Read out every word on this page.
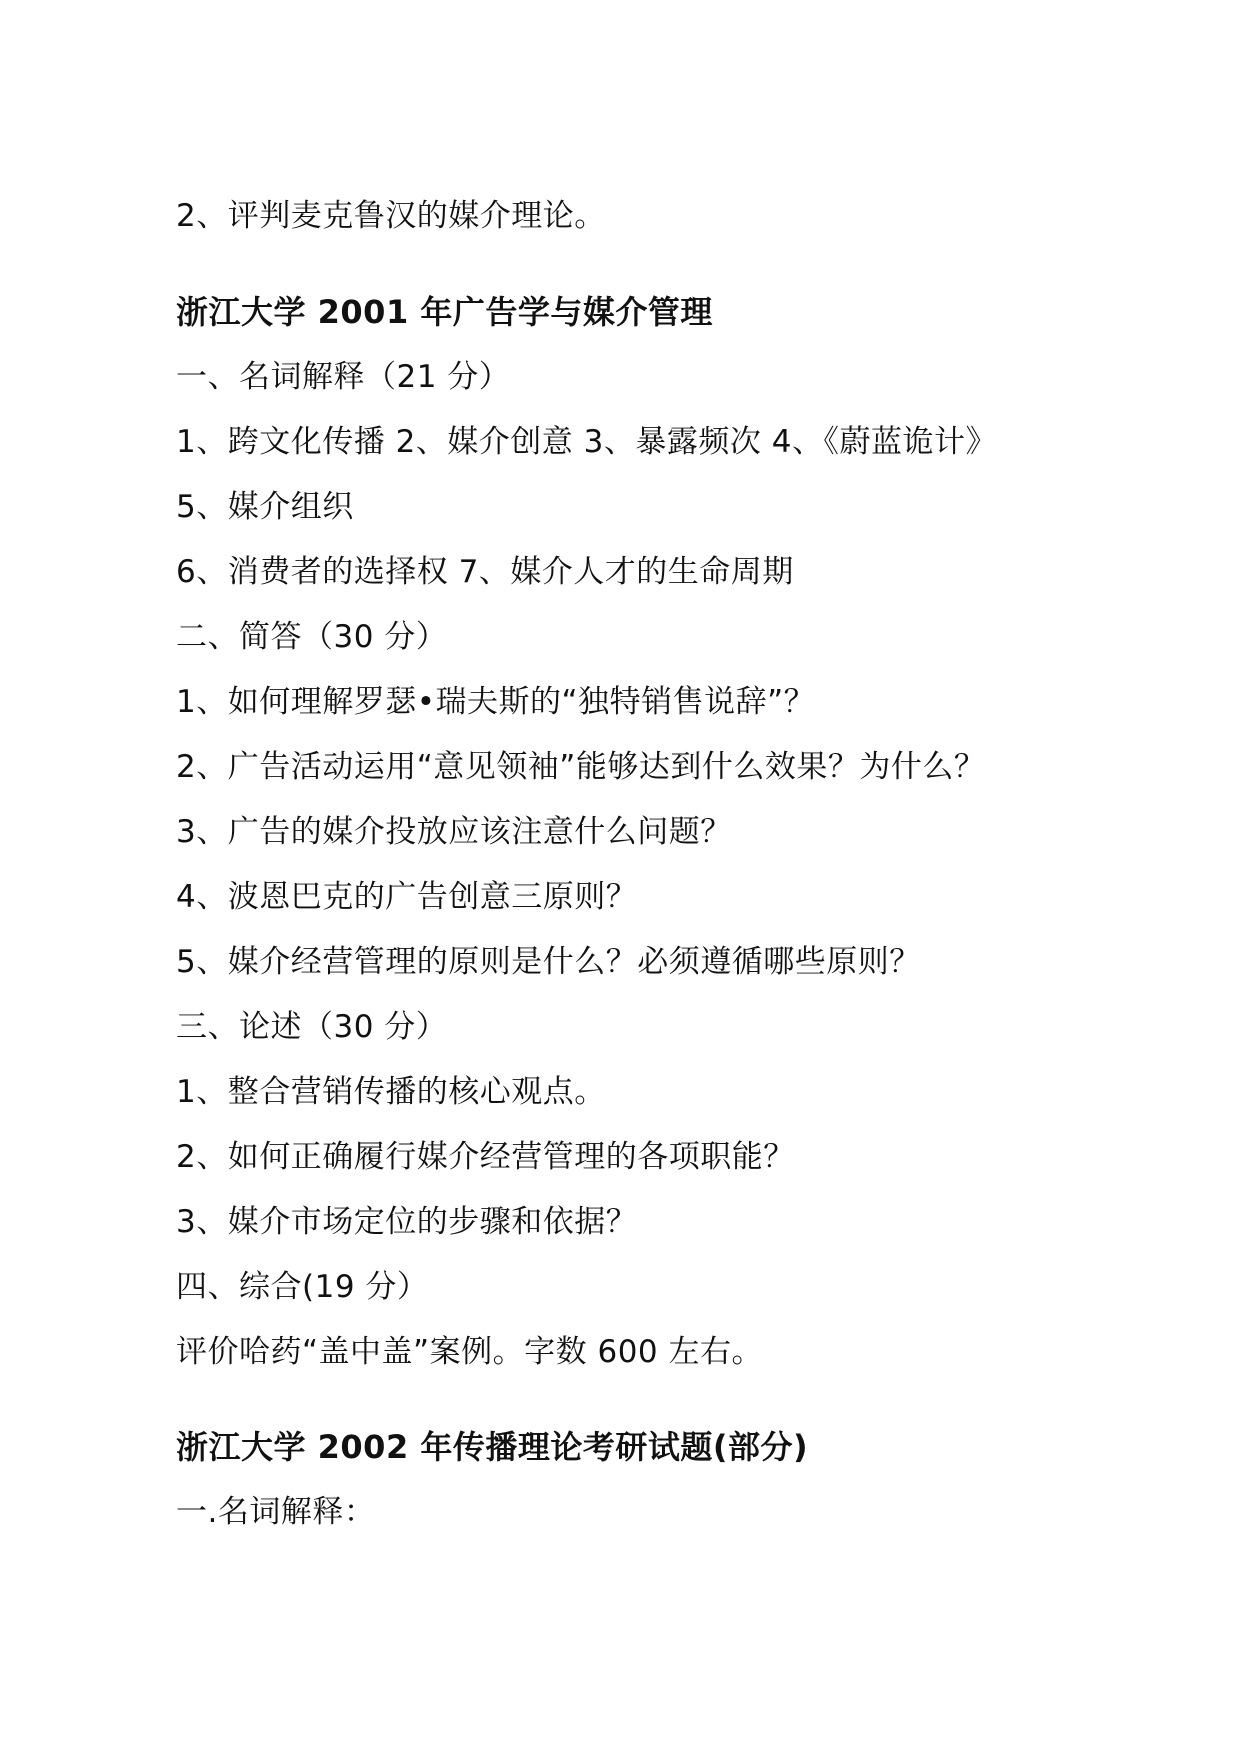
2、评判麦克鲁汉的媒介理论。
浙江大学 2001 年广告学与媒介管理
一、名词解释（21 分）
1、跨文化传播 2、媒介创意 3、暴露频次 4、《蔚蓝诡计》
5、媒介组织
6、消费者的选择权 7、媒介人才的生命周期
二、简答（30 分）
1、如何理解罗瑟•瑞夫斯的“独特销售说辞”？
2、广告活动运用“意见领袖”能够达到什么效果？为什么？
3、广告的媒介投放应该注意什么问题？
4、波恩巴克的广告创意三原则？
5、媒介经营管理的原则是什么？必须遵循哪些原则？
三、论述（30 分）
1、整合营销传播的核心观点。
2、如何正确履行媒介经营管理的各项职能？
3、媒介市场定位的步骤和依据？
四、综合(19 分）
评价哈药“盖中盖”案例。字数 600 左右。
浙江大学 2002 年传播理论考研试题(部分)
一.名词解释：
